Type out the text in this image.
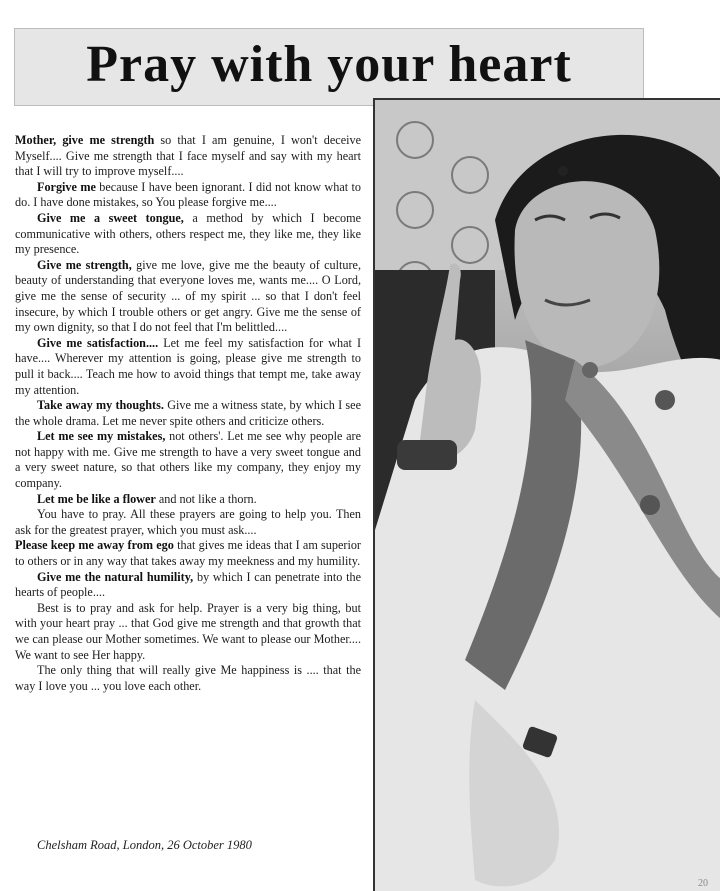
Pray with your heart

Mother, give me strength so that I am genuine, I won't deceive Myself.... Give me strength that I face myself and say with my heart that I will try to improve myself....

Forgive me because I have been ignorant. I did not know what to do. I have done mistakes, so You please forgive me....

Give me a sweet tongue, a method by which I become communicative with others, others respect me, they like me, they like my presence.

Give me strength, give me love, give me the beauty of culture, beauty of understanding that everyone loves me, wants me.... O Lord, give me the sense of security ... of my spirit ... so that I don't feel insecure, by which I trouble others or get angry. Give me the sense of my own dignity, so that I do not feel that I'm belittled....

Give me satisfaction.... Let me feel my satisfaction for what I have.... Wherever my attention is going, please give me strength to pull it back.... Teach me how to avoid things that tempt me, take away my attention.

Take away my thoughts. Give me a witness state, by which I see the whole drama. Let me never spite others and criticize others.

Let me see my mistakes, not others'. Let me see why people are not happy with me. Give me strength to have a very sweet tongue and a very sweet nature, so that others like my company, they enjoy my company.

Let me be like a flower and not like a thorn.

You have to pray. All these prayers are going to help you. Then ask for the greatest prayer, which you must ask....

Please keep me away from ego that gives me ideas that I am superior to others or in any way that takes away my meekness and my humility.

Give me the natural humility, by which I can penetrate into the hearts of people....

Best is to pray and ask for help. Prayer is a very big thing, but with your heart pray ... that God give me strength and that growth that we can please our Mother sometimes. We want to please our Mother.... We want to see Her happy.

The only thing that will really give Me happiness is .... that the way I love you ... you love each other.

Chelsham Road, London, 26 October 1980
20
